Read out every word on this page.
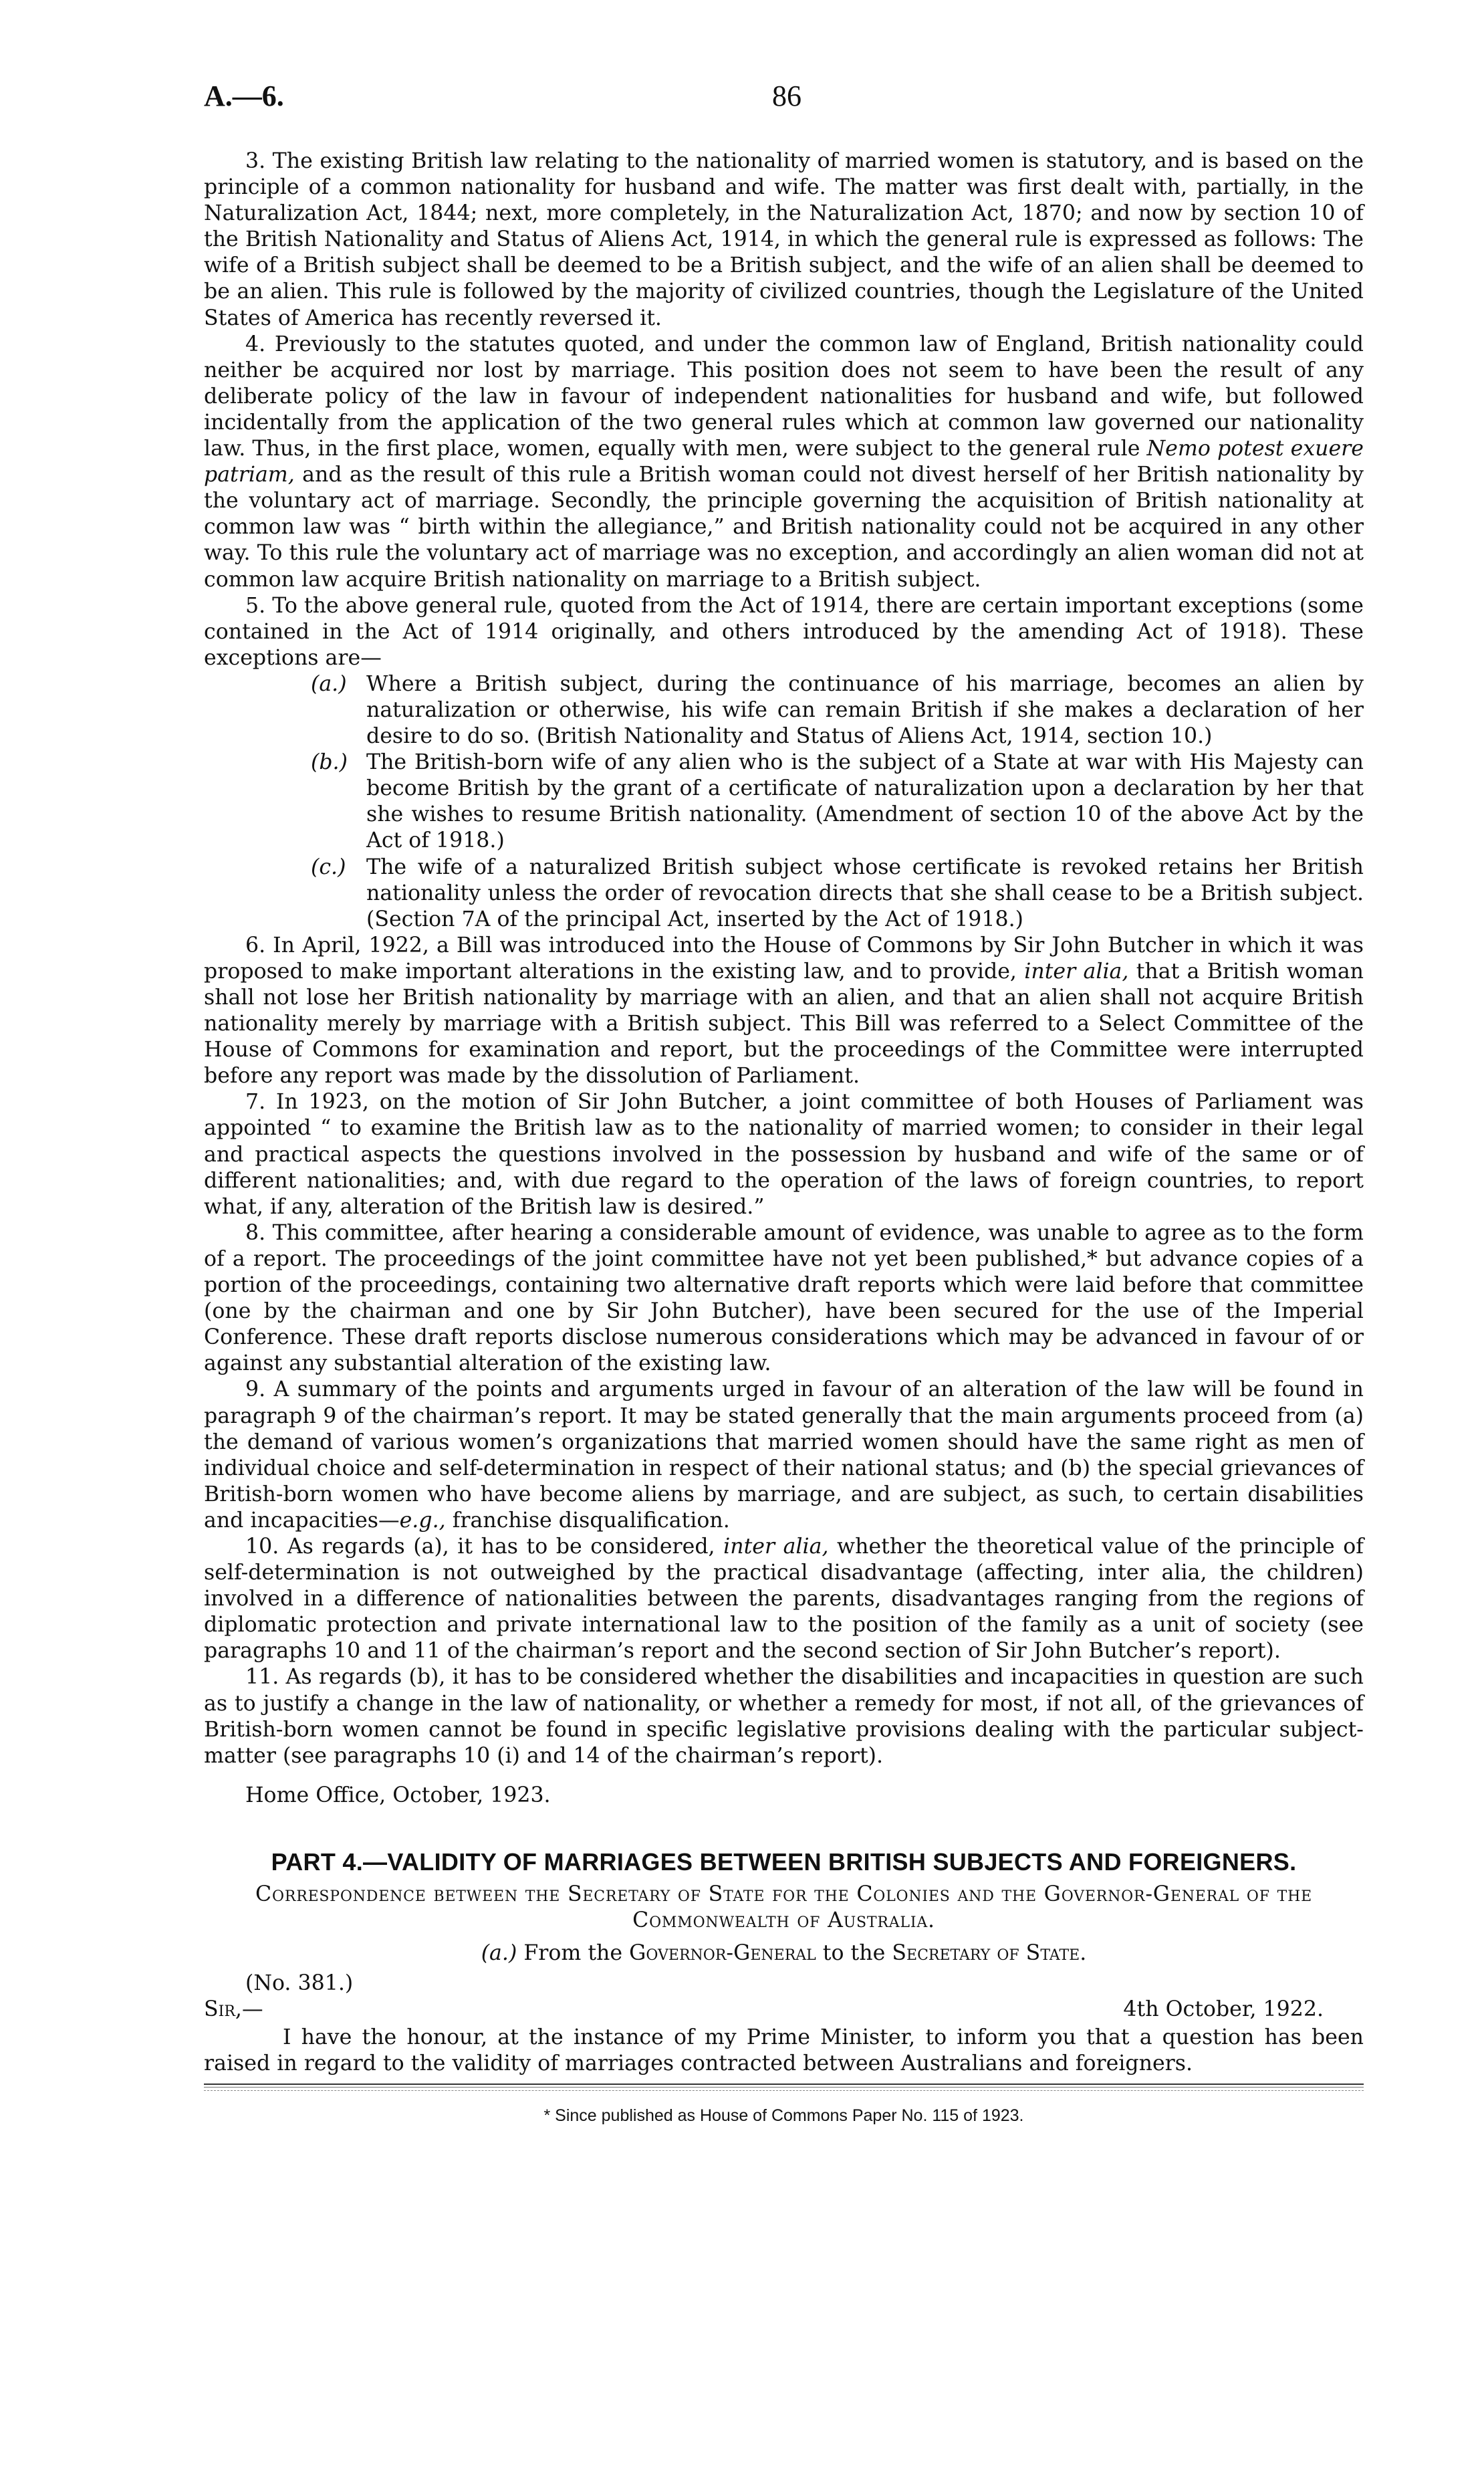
A.—6.	86

3. The existing British law relating to the nationality of married women is statutory, and is based on the principle of a common nationality for husband and wife. The matter was first dealt with, partially, in the Naturalization Act, 1844; next, more completely, in the Naturalization Act, 1870; and now by section 10 of the British Nationality and Status of Aliens Act, 1914, in which the general rule is expressed as follows: The wife of a British subject shall be deemed to be a British subject, and the wife of an alien shall be deemed to be an alien. This rule is followed by the majority of civilized countries, though the Legislature of the United States of America has recently reversed it.

4. Previously to the statutes quoted, and under the common law of England, British nationality could neither be acquired nor lost by marriage. This position does not seem to have been the result of any deliberate policy of the law in favour of independent nationalities for husband and wife, but followed incidentally from the application of the two general rules which at common law governed our nationality law. Thus, in the first place, women, equally with men, were subject to the general rule Nemo potest exuere patriam, and as the result of this rule a British woman could not divest herself of her British nationality by the voluntary act of marriage. Secondly, the principle governing the acquisition of British nationality at common law was “ birth within the allegiance,” and British nationality could not be acquired in any other way. To this rule the voluntary act of marriage was no exception, and accordingly an alien woman did not at common law acquire British nationality on marriage to a British subject.

5. To the above general rule, quoted from the Act of 1914, there are certain important exceptions (some contained in the Act of 1914 originally, and others introduced by the amending Act of 1918). These exceptions are—

(a.) Where a British subject, during the continuance of his marriage, becomes an alien by naturalization or otherwise, his wife can remain British if she makes a declaration of her desire to do so. (British Nationality and Status of Aliens Act, 1914, section 10.)

(b.) The British-born wife of any alien who is the subject of a State at war with His Majesty can become British by the grant of a certificate of naturalization upon a declaration by her that she wishes to resume British nationality. (Amendment of section 10 of the above Act by the Act of 1918.)

(c.) The wife of a naturalized British subject whose certificate is revoked retains her British nationality unless the order of revocation directs that she shall cease to be a British subject. (Section 7A of the principal Act, inserted by the Act of 1918.)

6. In April, 1922, a Bill was introduced into the House of Commons by Sir John Butcher in which it was proposed to make important alterations in the existing law, and to provide, inter alia, that a British woman shall not lose her British nationality by marriage with an alien, and that an alien shall not acquire British nationality merely by marriage with a British subject. This Bill was referred to a Select Committee of the House of Commons for examination and report, but the proceedings of the Committee were interrupted before any report was made by the dissolution of Parliament.

7. In 1923, on the motion of Sir John Butcher, a joint committee of both Houses of Parliament was appointed “ to examine the British law as to the nationality of married women; to consider in their legal and practical aspects the questions involved in the possession by husband and wife of the same or of different nationalities; and, with due regard to the operation of the laws of foreign countries, to report what, if any, alteration of the British law is desired.”

8. This committee, after hearing a considerable amount of evidence, was unable to agree as to the form of a report. The proceedings of the joint committee have not yet been published,* but advance copies of a portion of the proceedings, containing two alternative draft reports which were laid before that committee (one by the chairman and one by Sir John Butcher), have been secured for the use of the Imperial Conference. These draft reports disclose numerous considerations which may be advanced in favour of or against any substantial alteration of the existing law.

9. A summary of the points and arguments urged in favour of an alteration of the law will be found in paragraph 9 of the chairman’s report. It may be stated generally that the main arguments proceed from (a) the demand of various women’s organizations that married women should have the same right as men of individual choice and self-determination in respect of their national status; and (b) the special grievances of British-born women who have become aliens by marriage, and are subject, as such, to certain disabilities and incapacities—e.g., franchise disqualification.

10. As regards (a), it has to be considered, inter alia, whether the theoretical value of the principle of self-determination is not outweighed by the practical disadvantage (affecting, inter alia, the children) involved in a difference of nationalities between the parents, disadvantages ranging from the regions of diplomatic protection and private international law to the position of the family as a unit of society (see paragraphs 10 and 11 of the chairman’s report and the second section of Sir John Butcher’s report).

11. As regards (b), it has to be considered whether the disabilities and incapacities in question are such as to justify a change in the law of nationality, or whether a remedy for most, if not all, of the grievances of British-born women cannot be found in specific legislative provisions dealing with the particular subject-matter (see paragraphs 10 (i) and 14 of the chairman’s report).

Home Office, October, 1923.

PART 4.—VALIDITY OF MARRIAGES BETWEEN BRITISH SUBJECTS AND FOREIGNERS.
Correspondence between the Secretary of State for the Colonies and the Governor-General of the Commonwealth of Australia.
(a.) From the Governor-General to the Secretary of State.
(No. 381.)
Sir,—	4th October, 1922.

I have the honour, at the instance of my Prime Minister, to inform you that a question has been raised in regard to the validity of marriages contracted between Australians and foreigners.

* Since published as House of Commons Paper No. 115 of 1923.
